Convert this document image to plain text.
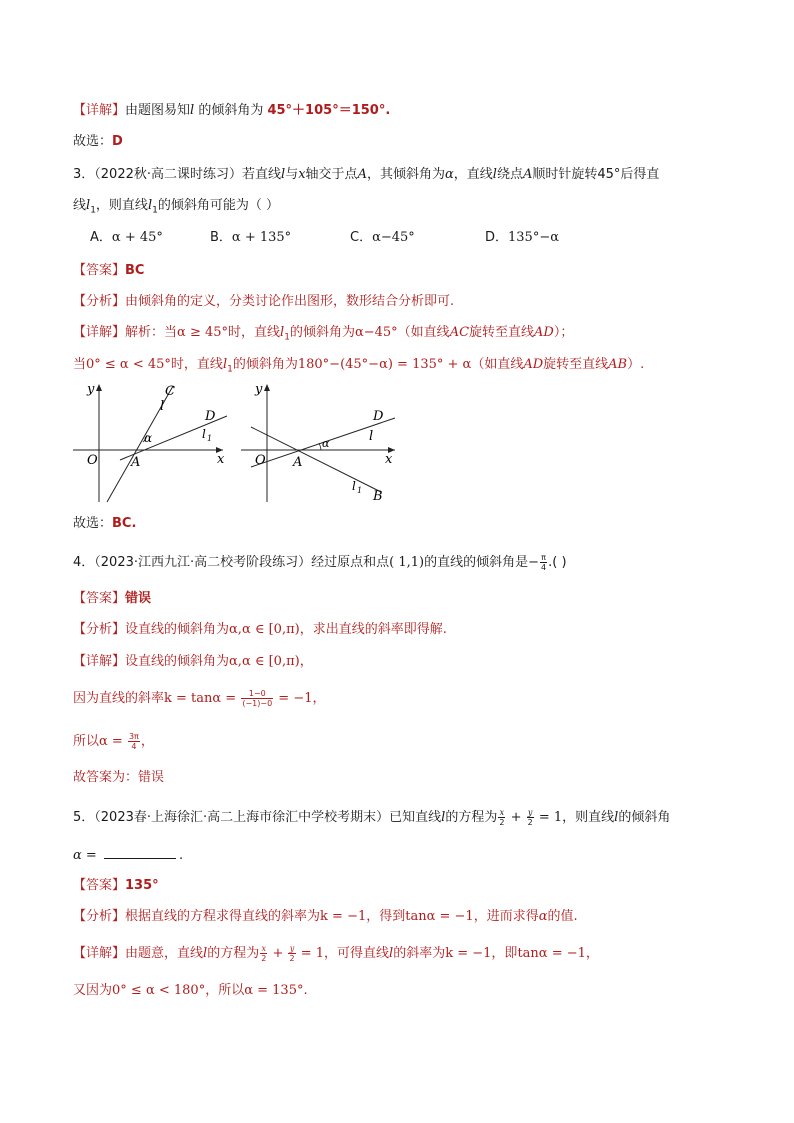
【详解】由题图易知l 的倾斜角为 45°＋105°＝150°.
故选：D
3．（2022秋·高二课时练习）若直线l与x轴交于点A，其倾斜角为α，直线l绕点A顺时针旋转45°后得直
线$l_1$，则直线$l_1$的倾斜角可能为（ ）
A．α + 45°	B．α + 135°	C．α−45°	D．135°−α
【答案】BC
【分析】由倾斜角的定义，分类讨论作出图形，数形结合分析即可.
【详解】解析：当α ≥ 45°时，直线$l_1$的倾斜角为α−45°（如直线AC旋转至直线AD）；
当0° ≤ α < 45°时，直线$l_1$的倾斜角为180°−(45°−α) = 135° + α（如直线AD旋转至直线AB）.
y
x
O	A
C
D
l
l 1
α
y
x
O A
D
B
l
l 1
α
故选：BC.
4．（2023·江西九江·高二校考阶段练习）经过原点和点( 1,1)的直线的倾斜角是− $\frac{\pi}{4}$ .( )
【答案】错误
【分析】设直线的倾斜角为α,α ∈ [0,π)，求出直线的斜率即得解.
【详解】设直线的倾斜角为α,α ∈ [0,π)，
因为直线的斜率$k = \tan\alpha = \frac{1-0}{(-1)-0} = -1$，
所以$\alpha = \frac{3\pi}{4}$ ，
故答案为：错误
5．（2023春·上海徐汇·高二上海市徐汇中学校考期末）已知直线l的方程为 $\frac{x}{2} + \frac{y}{2} = 1$，则直线l的倾斜角
α =	.
【答案】135°
【分析】根据直线的方程求得直线的斜率为k = −1，得到tanα = −1，进而求得α的值.
【详解】由题意，直线l的方程为 $\frac{x}{2} + \frac{y}{2} = 1$，可得直线l的斜率为k = −1，即tanα = −1，
又因为0° ≤ α < 180°，所以α = 135°.
